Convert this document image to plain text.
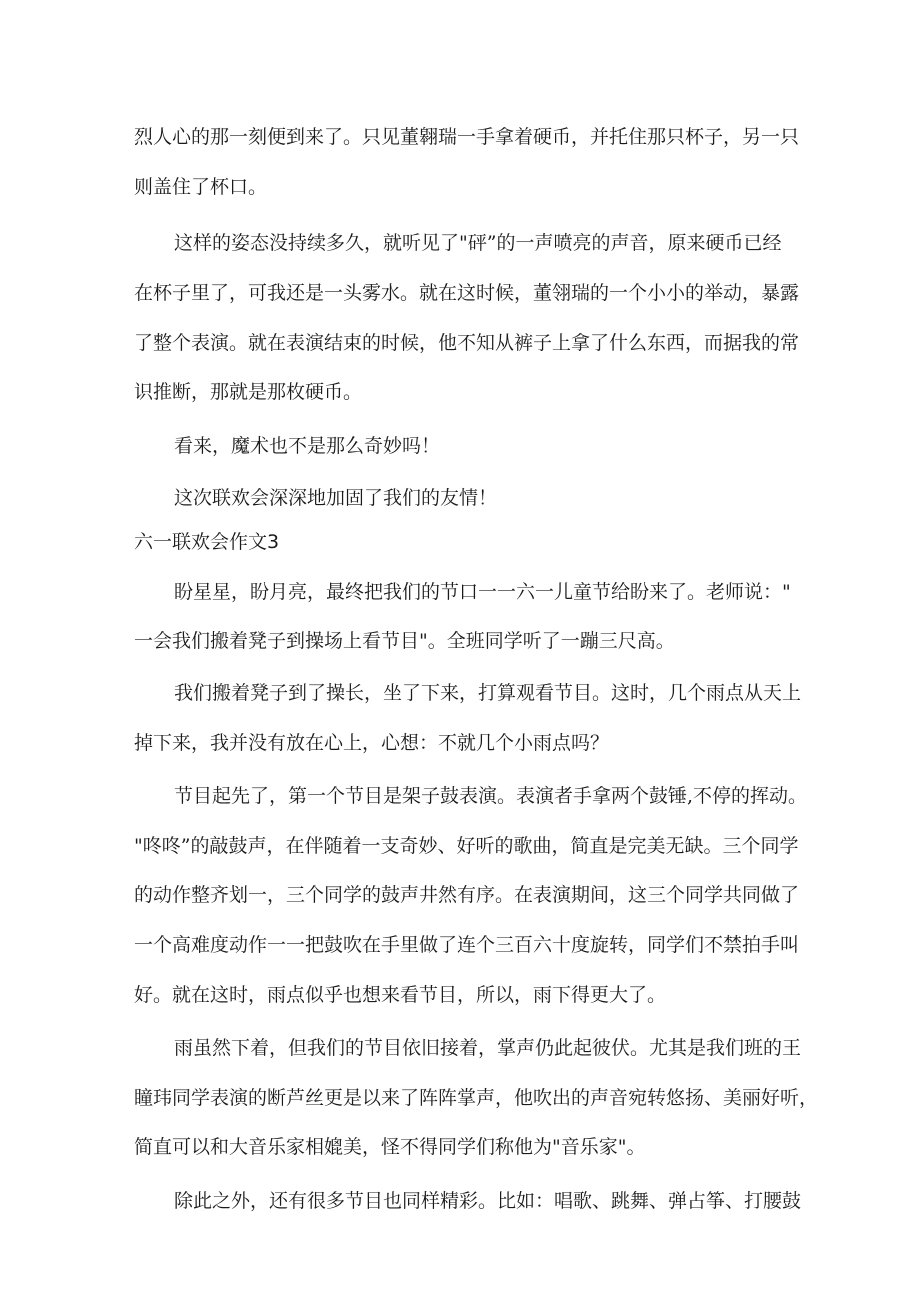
烈人心的那一刻便到来了。只见董翱瑞一手拿着硬币，并托住那只杯子，另一只
则盖住了杯口。
这样的姿态没持续多久，就听见了"砰”的一声喷亮的声音，原来硬币已经
在杯子里了，可我还是一头雾水。就在这时候，董翎瑞的一个小小的举动，暴露
了整个表演。就在表演结束的时候，他不知从裤子上拿了什么东西，而据我的常
识推断，那就是那枚硬币。
看来，魔术也不是那么奇妙吗！
这次联欢会深深地加固了我们的友情！
六一联欢会作文3
盼星星，盼月亮，最终把我们的节口一一六一儿童节给盼来了。老师说："
一会我们搬着凳子到操场上看节目"。全班同学听了一蹦三尺高。
我们搬着凳子到了操长，坐了下来，打算观看节目。这时，几个雨点从天上
掉下来，我并没有放在心上，心想：不就几个小雨点吗？
节目起先了，第一个节目是架子鼓表演。表演者手拿两个鼓锤,不停的挥动。
"咚咚”的敲鼓声，在伴随着一支奇妙、好听的歌曲，简直是完美无缺。三个同学
的动作整齐划一，三个同学的鼓声井然有序。在表演期间，这三个同学共同做了
一个高难度动作一一把鼓吹在手里做了连个三百六十度旋转，同学们不禁拍手叫
好。就在这时，雨点似乎也想来看节目，所以，雨下得更大了。
雨虽然下着，但我们的节目依旧接着，掌声仍此起彼伏。尤其是我们班的王
瞳玮同学表演的断芦丝更是以来了阵阵掌声，他吹出的声音宛转悠扬、美丽好听，
简直可以和大音乐家相媲美，怪不得同学们称他为"音乐家"。
除此之外，还有很多节目也同样精彩。比如：唱歌、跳舞、弹占筝、打腰鼓
